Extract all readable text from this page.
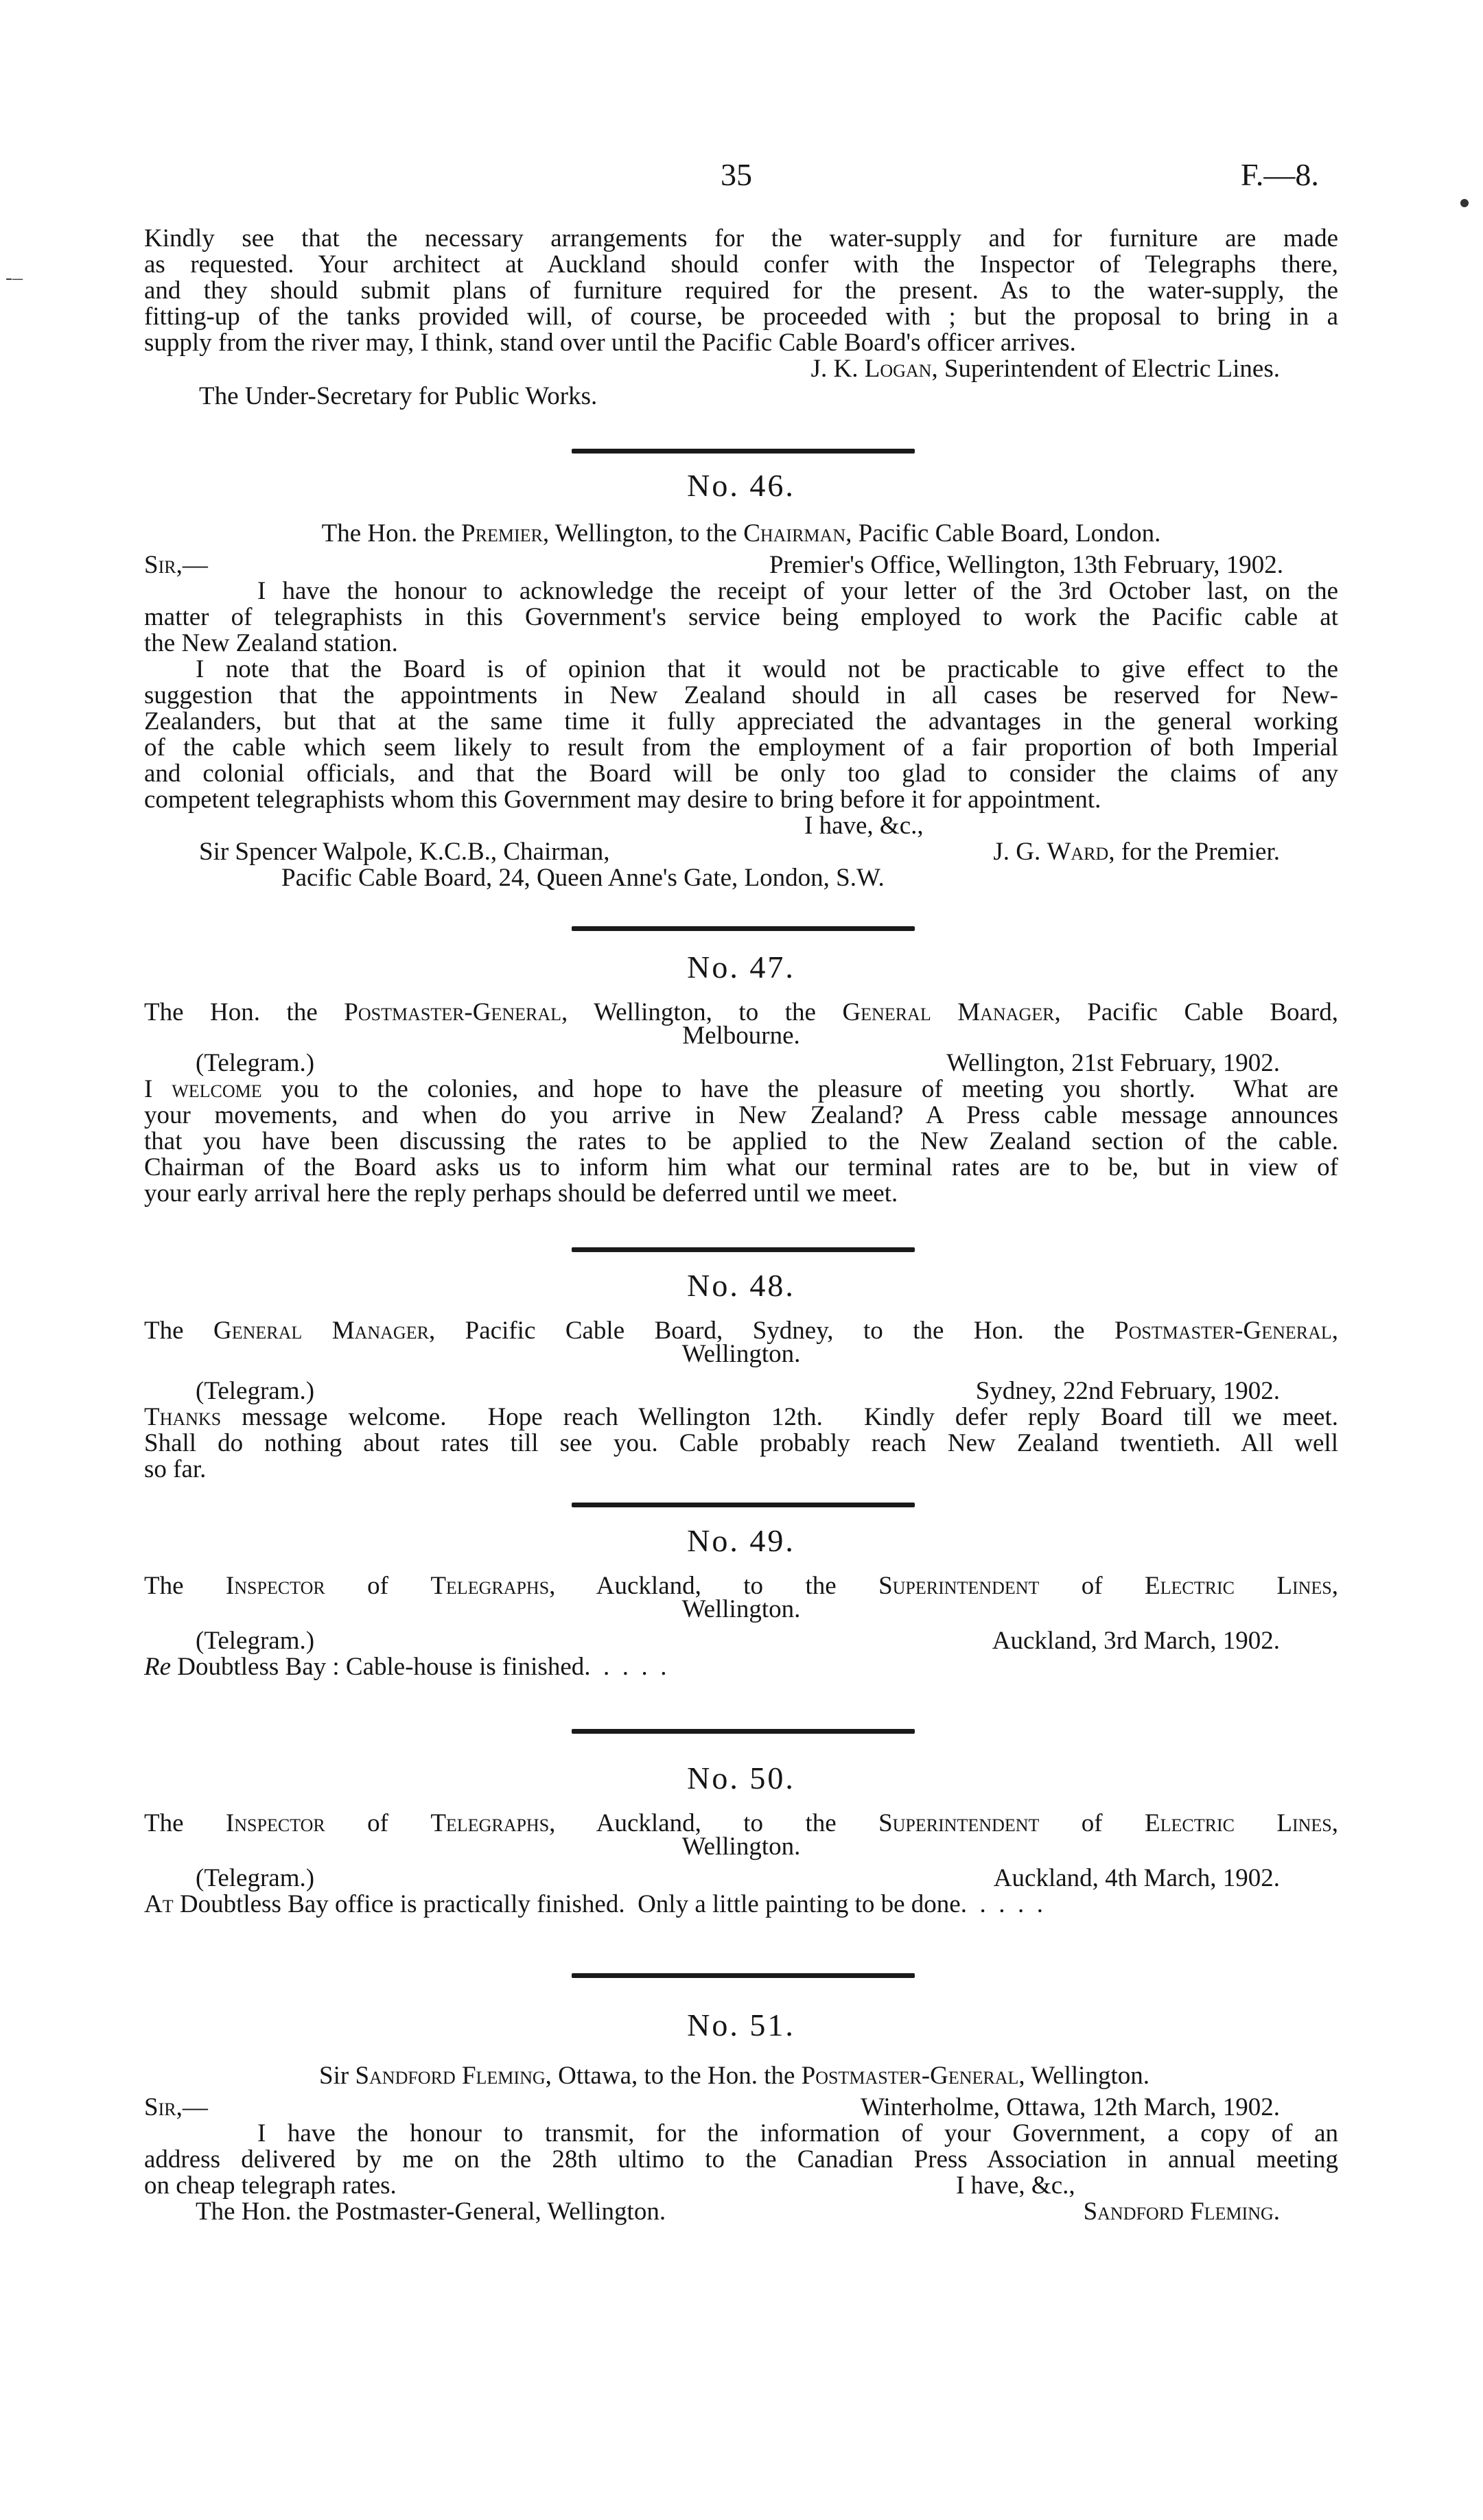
‐–
35	F.—8.
Kindly see that the necessary arrangements for the water-supply and for furniture are made
as requested. Your architect at Auckland should confer with the Inspector of Telegraphs there,
and they should submit plans of furniture required for the present. As to the water-supply, the
fitting-up of the tanks provided will, of course, be proceeded with ; but the proposal to bring in a
supply from the river may, I think, stand over until the Pacific Cable Board's officer arrives.
J. K. Logan, Superintendent of Electric Lines.
The Under-Secretary for Public Works.
No. 46.
The Hon. the Premier, Wellington, to the Chairman, Pacific Cable Board, London.
Sir,—	Premier's Office, Wellington, 13th February, 1902.
I have the honour to acknowledge the receipt of your letter of the 3rd October last, on the
matter of telegraphists in this Government's service being employed to work the Pacific cable at
the New Zealand station.
I note that the Board is of opinion that it would not be practicable to give effect to the
suggestion that the appointments in New Zealand should in all cases be reserved for New-
Zealanders, but that at the same time it fully appreciated the advantages in the general working
of the cable which seem likely to result from the employment of a fair proportion of both Imperial
and colonial officials, and that the Board will be only too glad to consider the claims of any
competent telegraphists whom this Government may desire to bring before it for appointment.
I have, &c.,
Sir Spencer Walpole, K.C.B., Chairman,	J. G. Ward, for the Premier.
Pacific Cable Board, 24, Queen Anne's Gate, London, S.W.
No. 47.
The Hon. the Postmaster-General, Wellington, to the General Manager, Pacific Cable Board,
Melbourne.
(Telegram.)	Wellington, 21st February, 1902.
I welcome you to the colonies, and hope to have the pleasure of meeting you shortly.  What are
your movements, and when do you arrive in New Zealand? A Press cable message announces
that you have been discussing the rates to be applied to the New Zealand section of the cable.
Chairman of the Board asks us to inform him what our terminal rates are to be, but in view of
your early arrival here the reply perhaps should be deferred until we meet.
No. 48.
The General Manager, Pacific Cable Board, Sydney, to the Hon. the Postmaster-General,
Wellington.
(Telegram.)	Sydney, 22nd February, 1902.
Thanks message welcome.  Hope reach Wellington 12th.  Kindly defer reply Board till we meet.
Shall do nothing about rates till see you. Cable probably reach New Zealand twentieth. All well
so far.
No. 49.
The Inspector of Telegraphs, Auckland, to the Superintendent of Electric Lines,
Wellington.
(Telegram.)	Auckland, 3rd March, 1902.
Re Doubtless Bay : Cable-house is finished.  .  .  .  .
No. 50.
The Inspector of Telegraphs, Auckland, to the Superintendent of Electric Lines,
Wellington.
(Telegram.)	Auckland, 4th March, 1902.
At Doubtless Bay office is practically finished.  Only a little painting to be done.  .  .  .  .
No. 51.
Sir Sandford Fleming, Ottawa, to the Hon. the Postmaster-General, Wellington.
Sir,—	Winterholme, Ottawa, 12th March, 1902.
I have the honour to transmit, for the information of your Government, a copy of an
address delivered by me on the 28th ultimo to the Canadian Press Association in annual meeting
on cheap telegraph rates.	I have, &c.,
The Hon. the Postmaster-General, Wellington.	Sandford Fleming.
